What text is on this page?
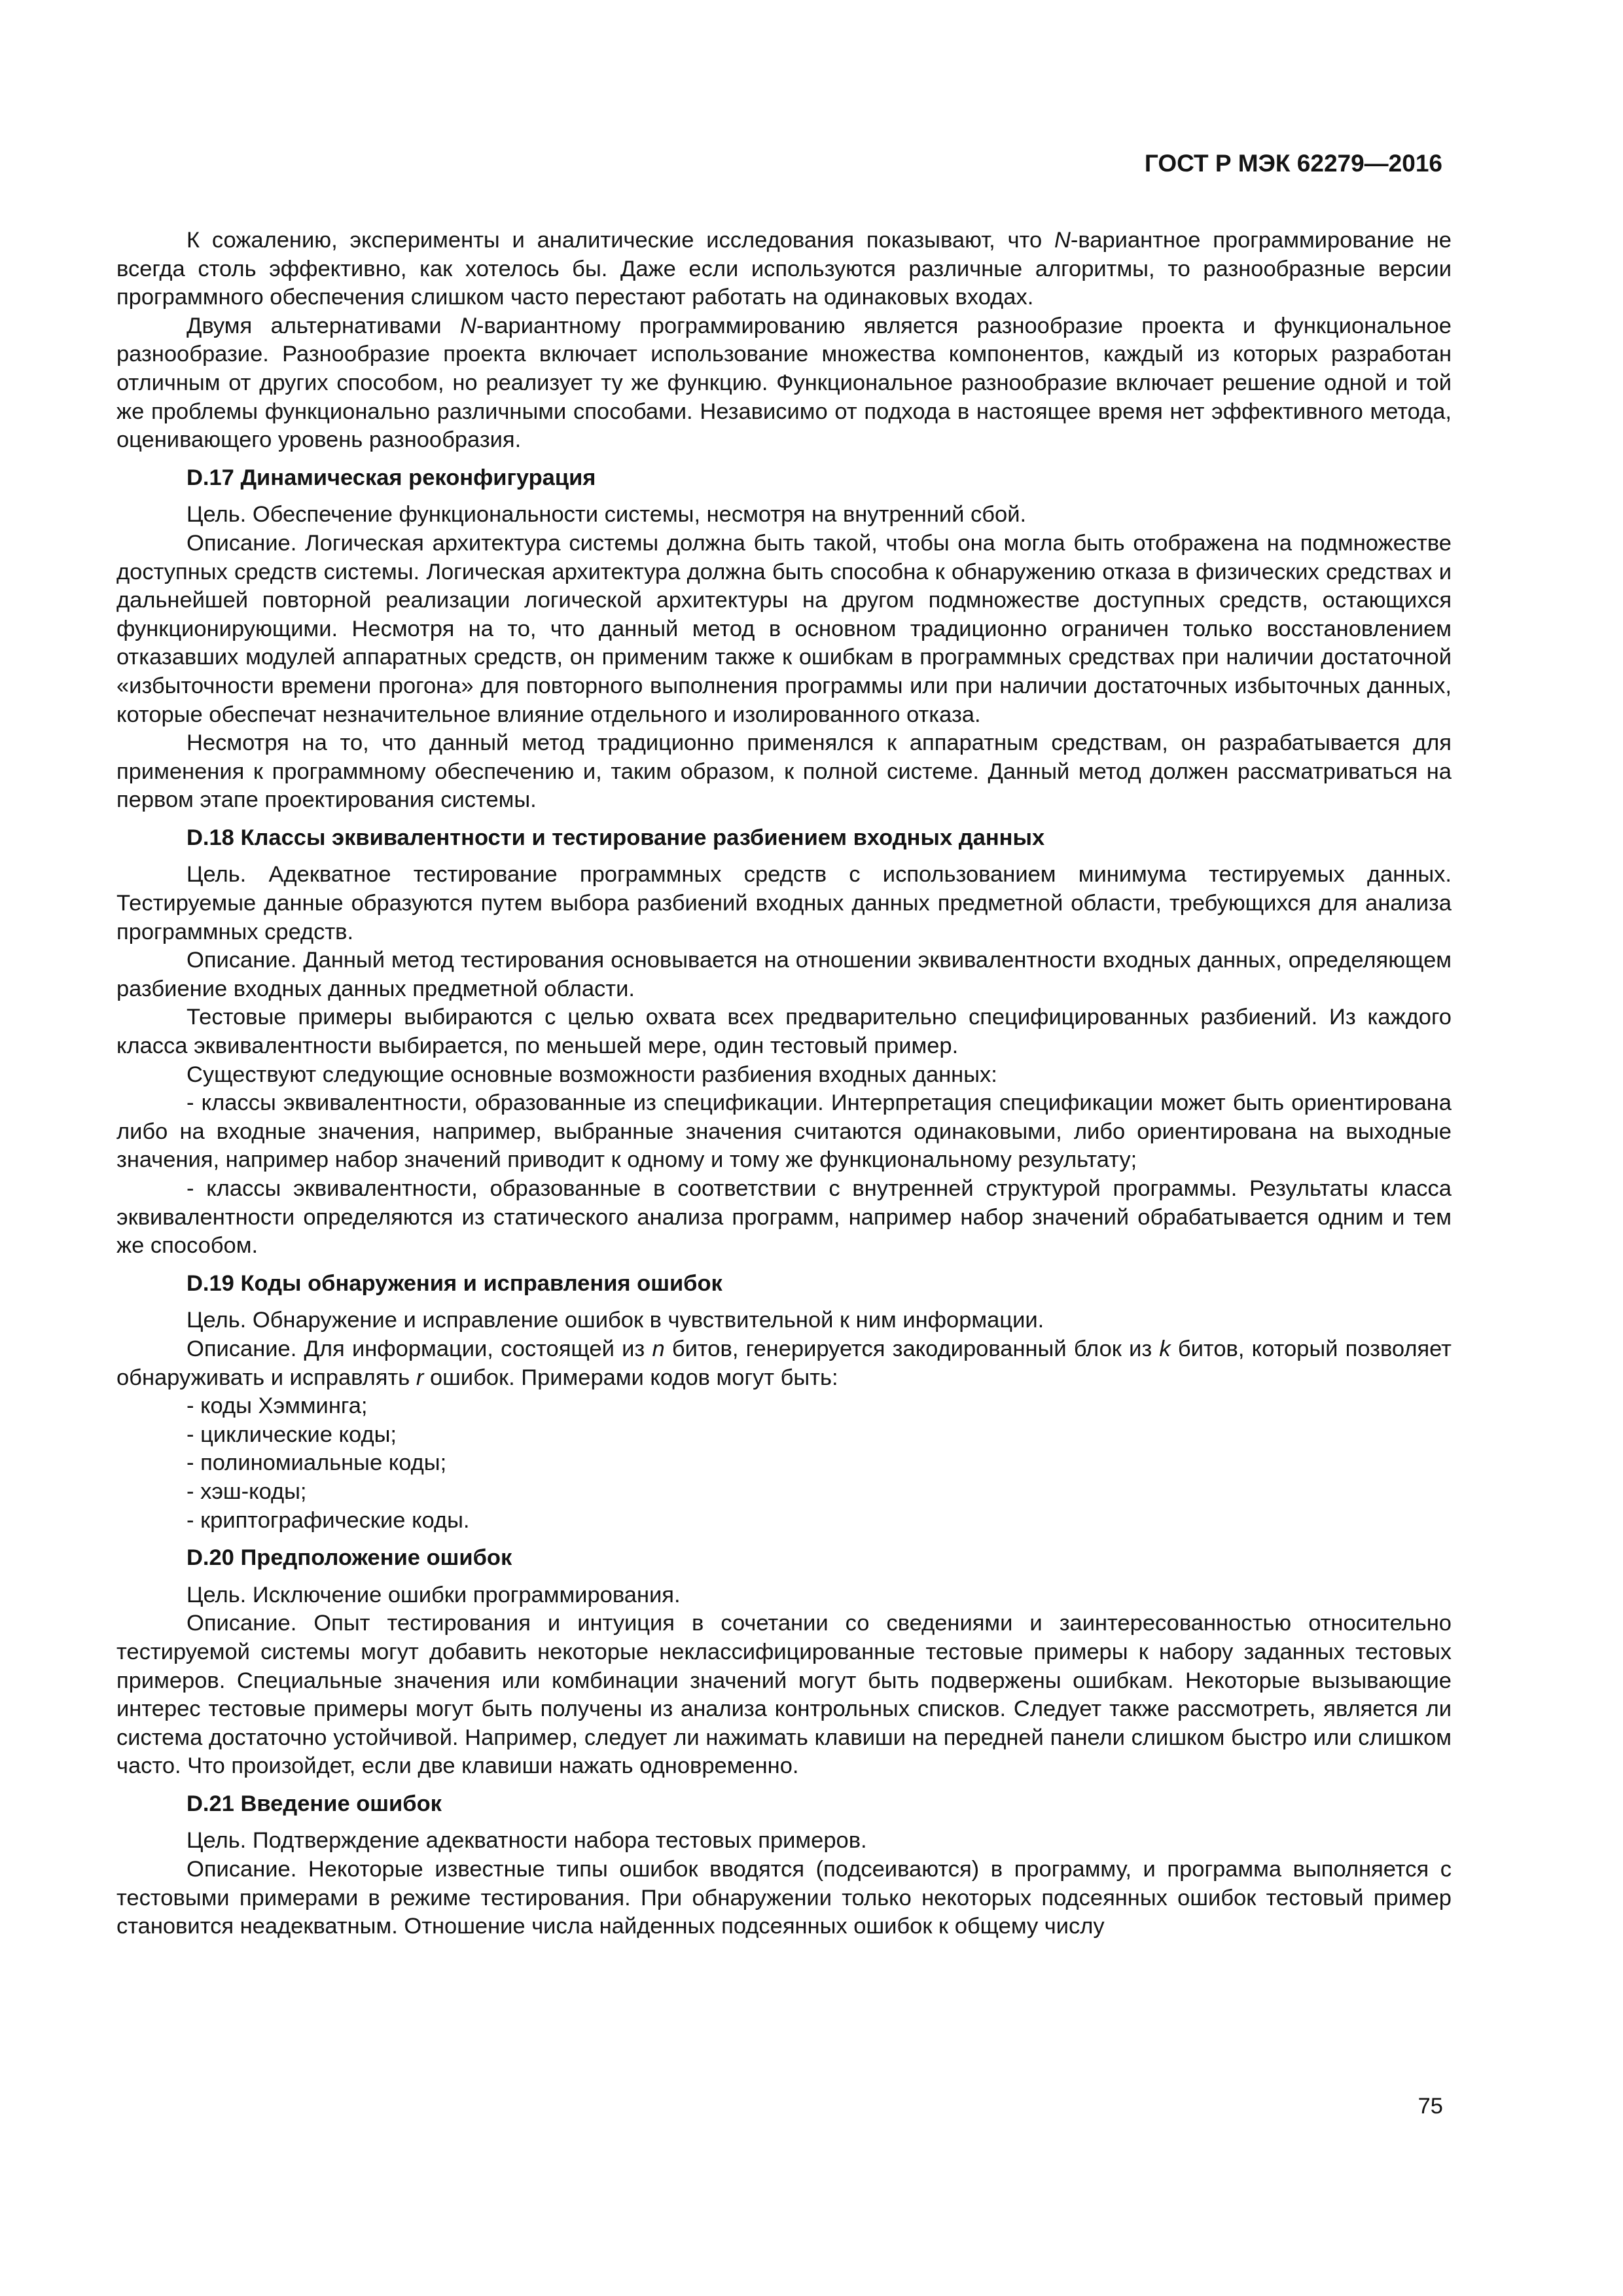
ГОСТ Р МЭК 62279—2016

К сожалению, эксперименты и аналитические исследования показывают, что N-вариантное программирование не всегда столь эффективно, как хотелось бы. Даже если используются различные алгоритмы, то разнообразные версии программного обеспечения слишком часто перестают работать на одинаковых входах.

Двумя альтернативами N-вариантному программированию является разнообразие проекта и функциональное разнообразие. Разнообразие проекта включает использование множества компонентов, каждый из которых разработан отличным от других способом, но реализует ту же функцию. Функциональное разнообразие включает решение одной и той же проблемы функционально различными способами. Независимо от подхода в настоящее время нет эффективного метода, оценивающего уровень разнообразия.

D.17 Динамическая реконфигурация

Цель. Обеспечение функциональности системы, несмотря на внутренний сбой.

Описание. Логическая архитектура системы должна быть такой, чтобы она могла быть отображена на подмножестве доступных средств системы. Логическая архитектура должна быть способна к обнаружению отказа в физических средствах и дальнейшей повторной реализации логической архитектуры на другом подмножестве доступных средств, остающихся функционирующими. Несмотря на то, что данный метод в основном традиционно ограничен только восстановлением отказавших модулей аппаратных средств, он применим также к ошибкам в программных средствах при наличии достаточной «избыточности времени прогона» для повторного выполнения программы или при наличии достаточных избыточных данных, которые обеспечат незначительное влияние отдельного и изолированного отказа.

Несмотря на то, что данный метод традиционно применялся к аппаратным средствам, он разрабатывается для применения к программному обеспечению и, таким образом, к полной системе. Данный метод должен рассматриваться на первом этапе проектирования системы.

D.18 Классы эквивалентности и тестирование разбиением входных данных

Цель. Адекватное тестирование программных средств с использованием минимума тестируемых данных. Тестируемые данные образуются путем выбора разбиений входных данных предметной области, требующихся для анализа программных средств.

Описание. Данный метод тестирования основывается на отношении эквивалентности входных данных, определяющем разбиение входных данных предметной области.

Тестовые примеры выбираются с целью охвата всех предварительно специфицированных разбиений. Из каждого класса эквивалентности выбирается, по меньшей мере, один тестовый пример.

Существуют следующие основные возможности разбиения входных данных:

- классы эквивалентности, образованные из спецификации. Интерпретация спецификации может быть ориентирована либо на входные значения, например, выбранные значения считаются одинаковыми, либо ориентирована на выходные значения, например набор значений приводит к одному и тому же функциональному результату;

- классы эквивалентности, образованные в соответствии с внутренней структурой программы. Результаты класса эквивалентности определяются из статического анализа программ, например набор значений обрабатывается одним и тем же способом.

D.19 Коды обнаружения и исправления ошибок

Цель. Обнаружение и исправление ошибок в чувствительной к ним информации.

Описание. Для информации, состоящей из n битов, генерируется закодированный блок из k битов, который позволяет обнаруживать и исправлять r ошибок. Примерами кодов могут быть:

- коды Хэмминга;

- циклические коды;

- полиномиальные коды;

- хэш-коды;

- криптографические коды.

D.20 Предположение ошибок

Цель. Исключение ошибки программирования.

Описание. Опыт тестирования и интуиция в сочетании со сведениями и заинтересованностью относительно тестируемой системы могут добавить некоторые неклассифицированные тестовые примеры к набору заданных тестовых примеров. Специальные значения или комбинации значений могут быть подвержены ошибкам. Некоторые вызывающие интерес тестовые примеры могут быть получены из анализа контрольных списков. Следует также рассмотреть, является ли система достаточно устойчивой. Например, следует ли нажимать клавиши на передней панели слишком быстро или слишком часто. Что произойдет, если две клавиши нажать одновременно.

D.21 Введение ошибок

Цель. Подтверждение адекватности набора тестовых примеров.

Описание. Некоторые известные типы ошибок вводятся (подсеиваются) в программу, и программа выполняется с тестовыми примерами в режиме тестирования. При обнаружении только некоторых подсеянных ошибок тестовый пример становится неадекватным. Отношение числа найденных подсеянных ошибок к общему числу

75
